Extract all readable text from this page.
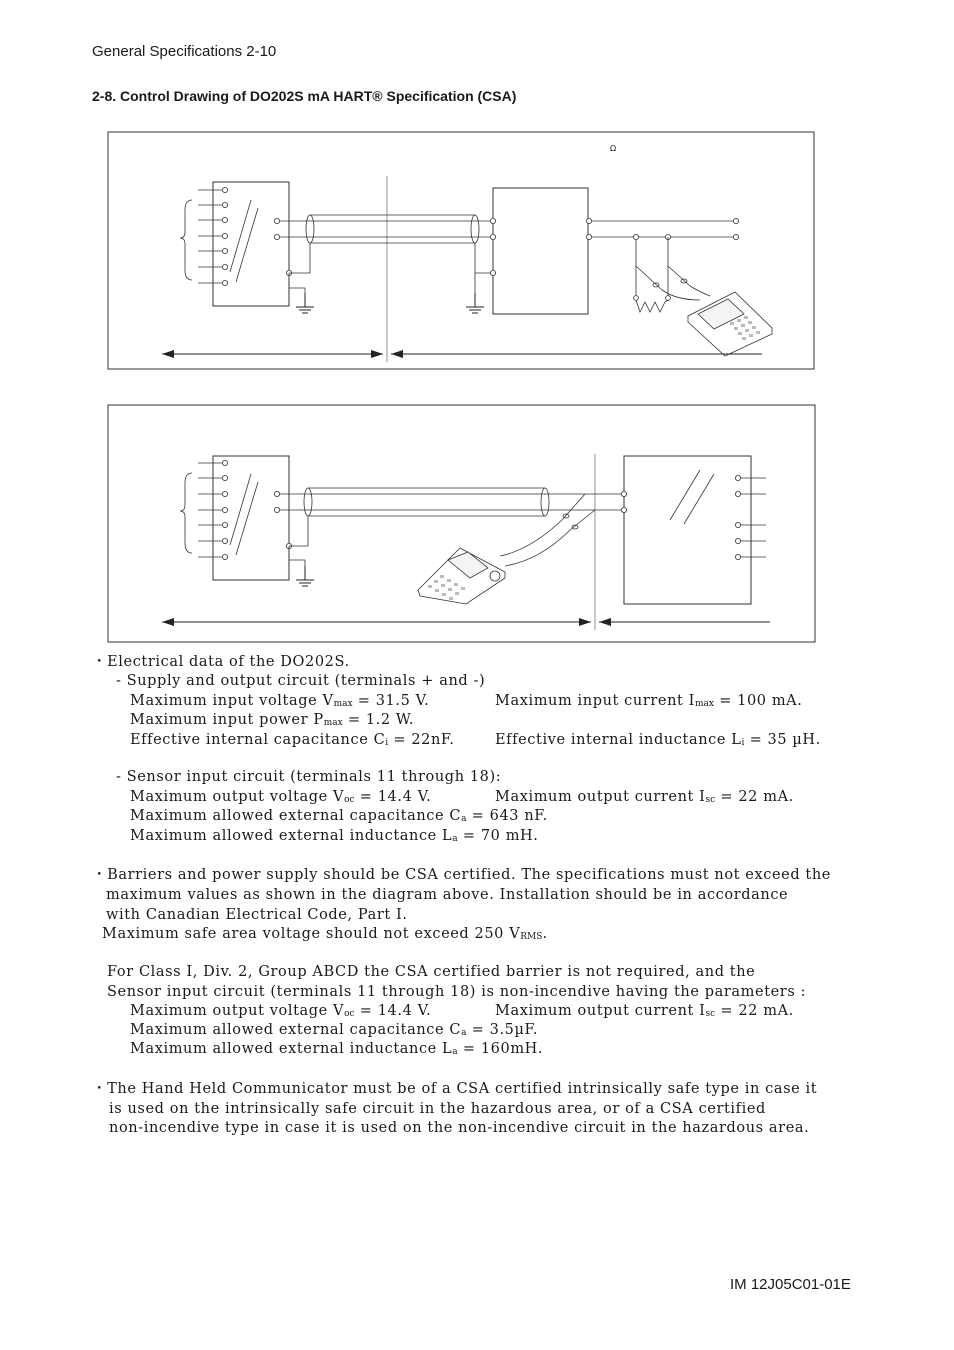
General Specifications 2-10
2-8. Control Drawing of DO202S mA HART® Specification (CSA)
Ω
・Electrical data of the DO202S.
- Supply and output circuit (terminals + and -)
Maximum input voltage $V_{max} = 31.5$ V.	Maximum input current $I_{max} = 100$ mA.
Maximum input power $P_{max} = 1.2$ W.
Effective internal capacitance $C_i = 22nF$.	Effective internal inductance $L_i = 35$ µH.
- Sensor input circuit (terminals 11 through 18):
Maximum output voltage $V_{oc} = 14.4$ V.	Maximum output current $I_{sc} = 22$ mA.
Maximum allowed external capacitance $C_a = 643$ nF.
Maximum allowed external inductance $L_a = 70$ mH.
・Barriers and power supply should be CSA certified. The specifications must not exceed the
maximum values as shown in the diagram above. Installation should be in accordance
with Canadian Electrical Code, Part I.
Maximum safe area voltage should not exceed 250 $V_{RMS}$.
For Class I, Div. 2, Group ABCD the CSA certified barrier is not required, and the
Sensor input circuit (terminals 11 through 18) is non-incendive having the parameters :
Maximum output voltage $V_{oc} = 14.4$ V.	Maximum output current $I_{sc} = 22$ mA.
Maximum allowed external capacitance $C_a = 3.5\mu F$.
Maximum allowed external inductance $L_a = 160mH$.
・The Hand Held Communicator must be of a CSA certified intrinsically safe type in case it
is used on the intrinsically safe circuit in the hazardous area, or of a CSA certified
non-incendive type in case it is used on the non-incendive circuit in the hazardous area.
IM 12J05C01-01E
